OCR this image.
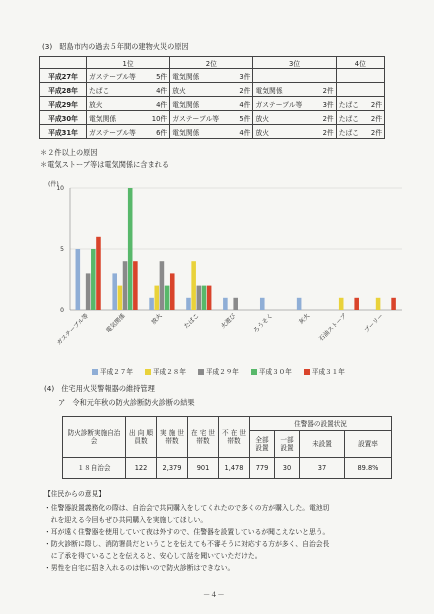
(3)　昭島市内の過去５年間の建物火災の原因
	1位	2位	3位	4位
平成27年	ガステーブル等 5件	電気関係 3件		

平成28年	たばこ 4件	放火 2件	電気関係 2件	

平成29年	放火 4件	電気関係 4件	ガステーブル等 3件	たばこ 2件

平成30年	電気関係 10件	ガステーブル等 5件	放火 2件	たばこ 2件

平成31年	ガステーブル等 6件	電気関係 4件	放火 2件	たばこ 2件
＊２件以上の原因
＊電気ストーブ等は電気関係に含まれる
(件)
0
5
10
ガステーブル等 電気関係	放火	たばこ	火遊び ろうそく	灰火 石油ストーブ	プーリー
平成２７年	平成２８年	平成２９年	平成３０年	平成３１年
(4)　住宅用火災警報器の維持管理
ア　令和元年秋の防火診断防火診断の結果
防火診断実施自治会	出 向 順員数	実 施 世帯数	在 宅 世帯数	不 在 世帯数	住警器の設置状況			
					全部 設置	一部 設置	未設置	設置率
１８自治会	122	2,379	901	1,478	779	30	37	89.8%
【住民からの意見】
・住警器設置義務化の際は、自治会で共同購入をしてくれたので多くの方が購入した。電池切
　れを迎える今回もぜひ共同購入を実施してほしい。
・耳が遠く住警器を使用していて夜は外すので、住警器を設置しているが聞こえないと思う。
・防火診断に際し、消防署員だということを伝えても不審そうに対応する方が多く、自治会長
　に了承を得ていることを伝えると、安心して話を聞いていただけた。
・男性を自宅に招き入れるのは怖いので防火診断はできない。
－４－
